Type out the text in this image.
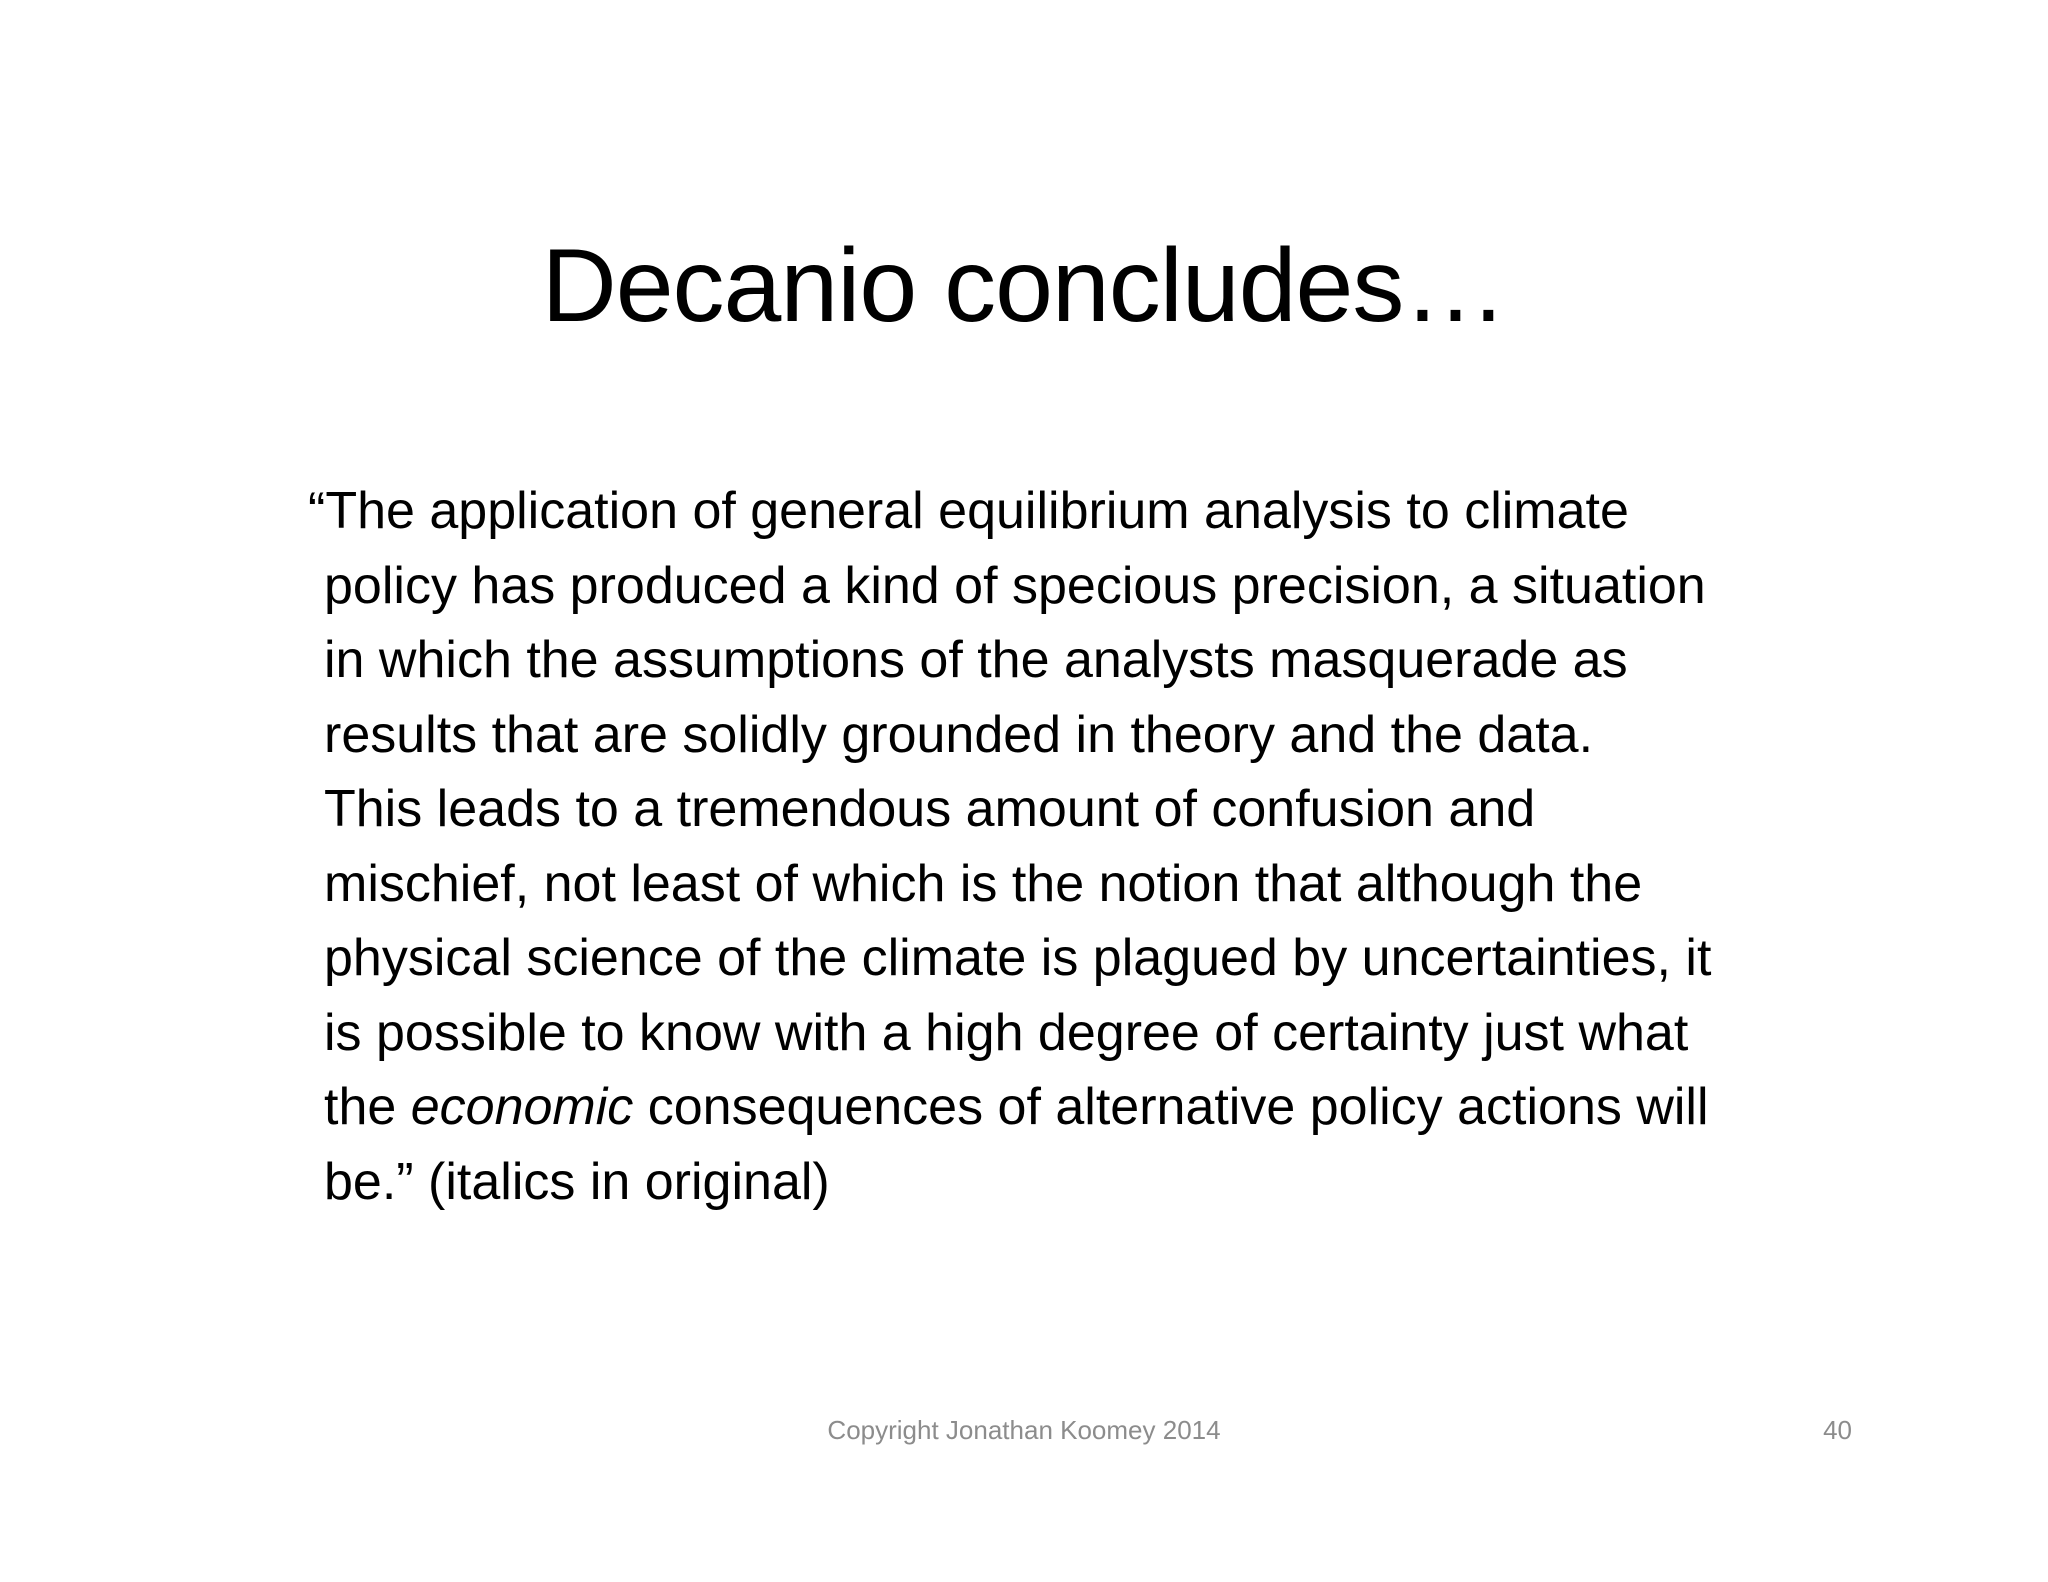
Decanio concludes…

“The application of general equilibrium analysis to climate
policy has produced a kind of specious precision, a situation
in which the assumptions of the analysts masquerade as
results that are solidly grounded in theory and the data.
This leads to a tremendous amount of confusion and
mischief, not least of which is the notion that although the
physical science of the climate is plagued by uncertainties, it
is possible to know with a high degree of certainty just what
the economic consequences of alternative policy actions will
be.” (italics in original)

Copyright Jonathan Koomey 2014	40
